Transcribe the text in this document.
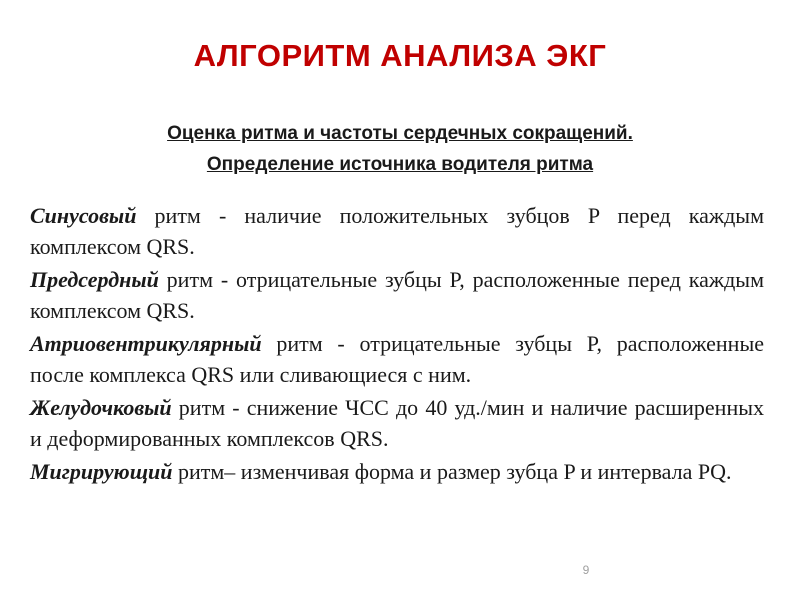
АЛГОРИТМ АНАЛИЗА ЭКГ
Оценка ритма и частоты сердечных сокращений.
Определение источника водителя ритма

Синусовый ритм - наличие положительных зубцов P перед каждым комплексом QRS.

Предсердный ритм - отрицательные зубцы P, расположенные перед каждым комплексом QRS.

Атриовентрикулярный ритм - отрицательные зубцы P, расположенные после комплекса QRS или сливающиеся с ним.

Желудочковый ритм - снижение ЧСС до 40 уд./мин и наличие расширенных и деформированных комплексов QRS.

Мигрирующий ритм– изменчивая форма и размер зубца P и интервала PQ.

9
